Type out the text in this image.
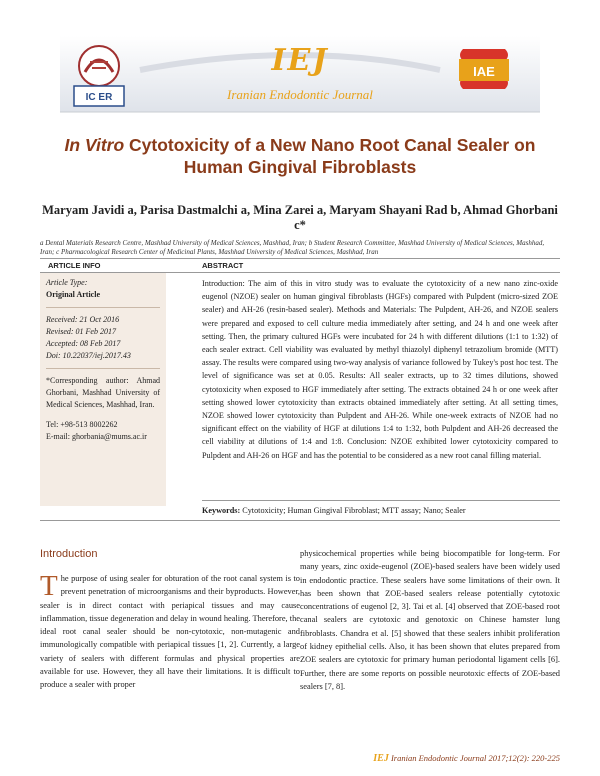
IC ER
IAE
IEJ
Iranian Endodontic Journal
In Vitro Cytotoxicity of a New Nano Root Canal Sealer on Human Gingival Fibroblasts
Maryam Javidi a, Parisa Dastmalchi a, Mina Zarei a, Maryam Shayani Rad b, Ahmad Ghorbani c*
a Dental Materials Research Centre, Mashhad University of Medical Sciences, Mashhad, Iran; b Student Research Committee, Mashhad University of Medical Sciences, Mashhad, Iran; c Pharmacological Research Center of Medicinal Plants, Mashhad University of Medical Sciences, Mashhad, Iran
ARTICLE INFO	ABSTRACT
Article Type:
Original Article
Received: 21 Oct 2016
Revised: 01 Feb 2017
Accepted: 08 Feb 2017
Doi: 10.22037/iej.2017.43
*Corresponding author: Ahmad Ghorbani, Mashhad University of Medical Sciences, Mashhad, Iran.
Tel: +98-513 8002262
E-mail: ghorbania@mums.ac.ir
Introduction: The aim of this in vitro study was to evaluate the cytotoxicity of a new nano zinc-oxide eugenol (NZOE) sealer on human gingival fibroblasts (HGFs) compared with Pulpdent (micro-sized ZOE sealer) and AH-26 (resin-based sealer). Methods and Materials: The Pulpdent, AH-26, and NZOE sealers were prepared and exposed to cell culture media immediately after setting, and 24 h and one week after setting. Then, the primary cultured HGFs were incubated for 24 h with different dilutions (1:1 to 1:32) of each sealer extract. Cell viability was evaluated by methyl thiazolyl diphenyl tetrazolium bromide (MTT) assay. The results were compared using two-way analysis of variance followed by Tukey's post hoc test. The level of significance was set at 0.05. Results: All sealer extracts, up to 32 times dilutions, showed cytotoxicity when exposed to HGF immediately after setting. The extracts obtained 24 h or one week after setting showed lower cytotoxicity than extracts obtained immediately after setting. At all setting times, NZOE showed lower cytotoxicity than Pulpdent and AH-26. While one-week extracts of NZOE had no significant effect on the viability of HGF at dilutions 1:4 to 1:32, both Pulpdent and AH-26 decreased the cell viability at dilutions of 1:4 and 1:8. Conclusion: NZOE exhibited lower cytotoxicity compared to Pulpdent and AH-26 on HGF and has the potential to be considered as a new root canal filling material.
Keywords: Cytotoxicity; Human Gingival Fibroblast; MTT assay; Nano; Sealer
Introduction
The purpose of using sealer for obturation of the root canal system is to prevent penetration of microorganisms and their byproducts. However, sealer is in direct contact with periapical tissues and may cause inflammation, tissue degeneration and delay in wound healing. Therefore, the ideal root canal sealer should be non-cytotoxic, non-mutagenic and immunologically compatible with periapical tissues [1, 2]. Currently, a large variety of sealers with different formulas and physical properties are available for use. However, they all have their limitations. It is difficult to produce a sealer with proper
physicochemical properties while being biocompatible for long-term. For many years, zinc oxide-eugenol (ZOE)-based sealers have been widely used in endodontic practice. These sealers have some limitations of their own. It has been shown that ZOE-based sealers release potentially cytotoxic concentrations of eugenol [2, 3]. Tai et al. [4] observed that ZOE-based root canal sealers are cytotoxic and genotoxic on Chinese hamster lung fibroblasts. Chandra et al. [5] showed that these sealers inhibit proliferation of kidney epithelial cells. Also, it has been shown that elutes prepared from ZOE sealers are cytotoxic for primary human periodontal ligament cells [6]. Further, there are some reports on possible neurotoxic effects of ZOE-based sealers [7, 8].
IEJ Iranian Endodontic Journal 2017;12(2): 220-225
